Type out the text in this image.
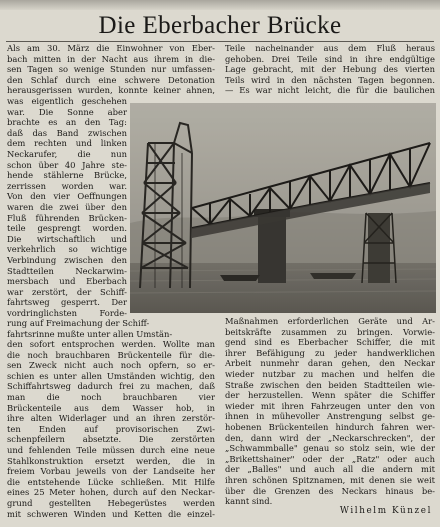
Die Eberbacher Brücke
Als am 30. März die Einwohner von Eber-
bach mitten in der Nacht aus ihrem in die-
sen Tagen so wenige Stunden nur umfassen-
den Schlaf durch eine schwere Detonation
herausgerissen wurden, konnte keiner ahnen,
Teile nacheinander aus dem Fluß heraus
gehoben. Drei Teile sind in ihre endgültige
Lage gebracht, mit der Hebung des vierten
Teils wird in den nächsten Tagen begonnen.
— Es war nicht leicht, die für die baulichen
was eigentlich geschehen
war. Die Sonne aber
brachte es an den Tag:
daß das Band zwischen
dem rechten und linken
Neckarufer, die nun
schon über 40 Jahre ste-
hende stählerne Brücke,
zerrissen worden war.
Von den vier Oeffnungen
waren die zwei über den
Fluß führenden Brücken-
teile gesprengt worden.
Die wirtschaftlich und
verkehrlich so wichtige
Verbindung zwischen den
Stadtteilen Neckarwim-
mersbach und Eberbach
war zerstört, der Schiff-
fahrtsweg gesperrt. Der
vordringlichsten Forde-
rung auf Freimachung der Schiff-
fahrtsrinne mußte unter allen Umstän-
den sofort entsprochen werden. Wollte man
die noch brauchbaren Brückenteile für die-
sen Zweck nicht auch noch opfern, so er-
schien es unter allen Umständen wichtig, den
Schiffahrtsweg dadurch frei zu machen, daß
man die noch brauchbaren vier
Brückenteile aus dem Wasser hob, in
ihre alten Widerlager und an ihren zerstör-
ten Enden auf provisorischen Zwi-
schenpfeilern absetzte. Die zerstörten
und fehlenden Teile müssen durch eine neue
Stahlkonstruktion ersetzt werden, die in
freiem Vorbau jeweils von der Landseite her
die entstehende Lücke schließen. Mit Hilfe
eines 25 Meter hohen, durch auf den Neckar-
grund gestellten Hebegerüstes werden
mit schweren Winden und Ketten die einzel-
Maßnahmen erforderlichen Geräte und Ar-
beitskräfte zusammen zu bringen. Vorwie-
gend sind es Eberbacher Schiffer, die mit
ihrer Befähigung zu jeder handwerklichen
Arbeit nunmehr daran gehen, den Neckar
wieder nutzbar zu machen und helfen die
Straße zwischen den beiden Stadtteilen wie-
der herzustellen. Wenn später die Schiffer
wieder mit ihren Fahrzeugen unter den von
ihnen in mühevoller Anstrengung selbst ge-
hobenen Brückenteilen hindurch fahren wer-
den, dann wird der „Neckarschrecken", der
„Schwammballe" genau so stolz sein, wie der
„Brikettshainer" oder der „Ratz" oder auch
der „Balles" und auch all die andern mit
ihren schönen Spitznamen, mit denen sie weit
über die Grenzen des Neckars hinaus be-
kannt sind.
Wilhelm Künzel
